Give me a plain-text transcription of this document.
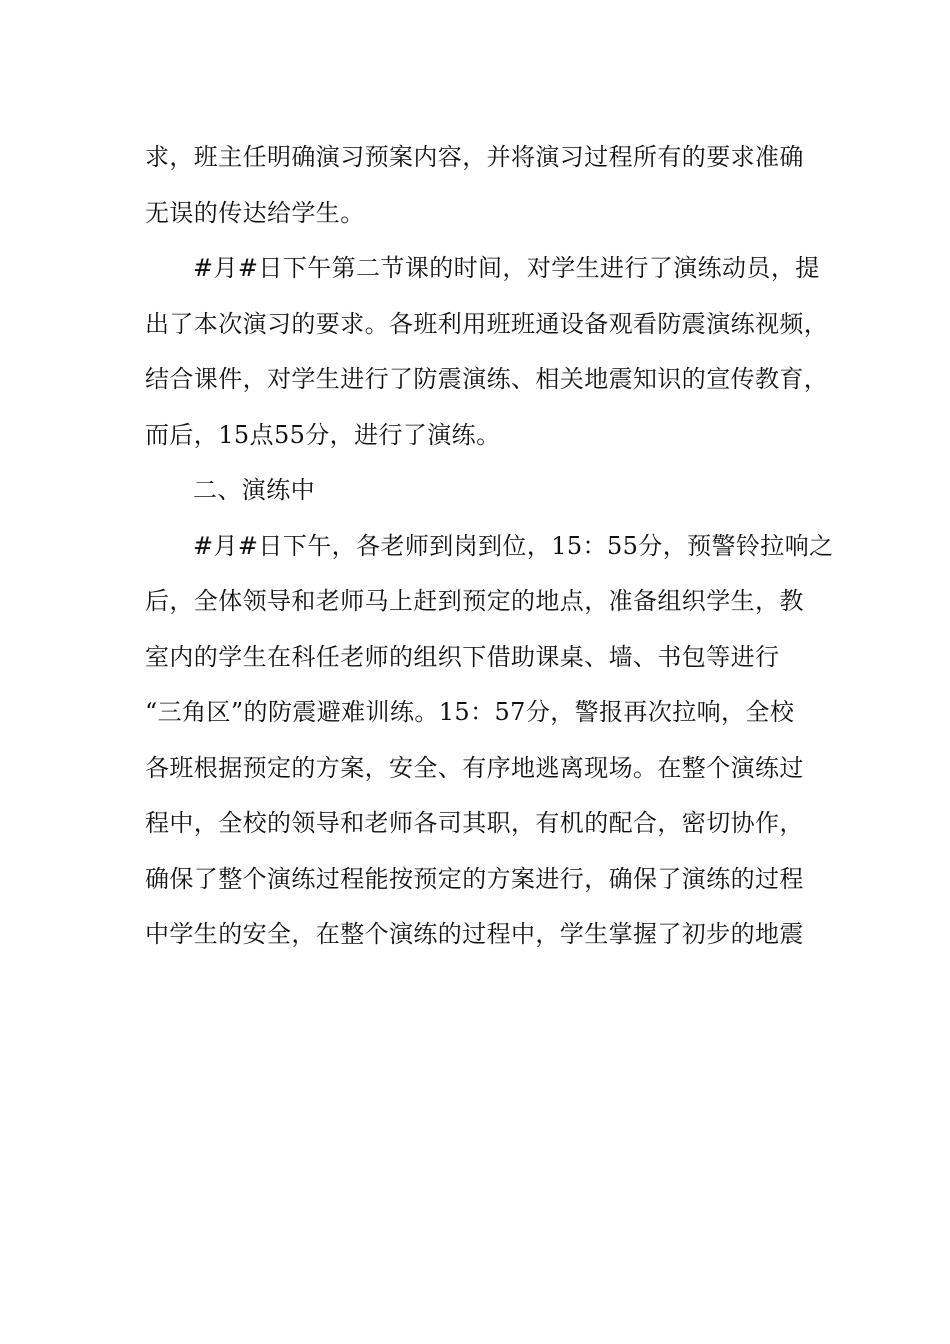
求，班主任明确演习预案内容，并将演习过程所有的要求准确
无误的传达给学生。
#月#日下午第二节课的时间，对学生进行了演练动员，提
出了本次演习的要求。各班利用班班通设备观看防震演练视频，
结合课件，对学生进行了防震演练、相关地震知识的宣传教育，
而后，15点55分，进行了演练。
二、演练中
#月#日下午，各老师到岗到位，15：55分，预警铃拉响之
后，全体领导和老师马上赶到预定的地点，准备组织学生，教
室内的学生在科任老师的组织下借助课桌、墙、书包等进行
“三角区”的防震避难训练。15：57分，警报再次拉响，全校
各班根据预定的方案，安全、有序地逃离现场。在整个演练过
程中，全校的领导和老师各司其职，有机的配合，密切协作，
确保了整个演练过程能按预定的方案进行，确保了演练的过程
中学生的安全，在整个演练的过程中，学生掌握了初步的地震
